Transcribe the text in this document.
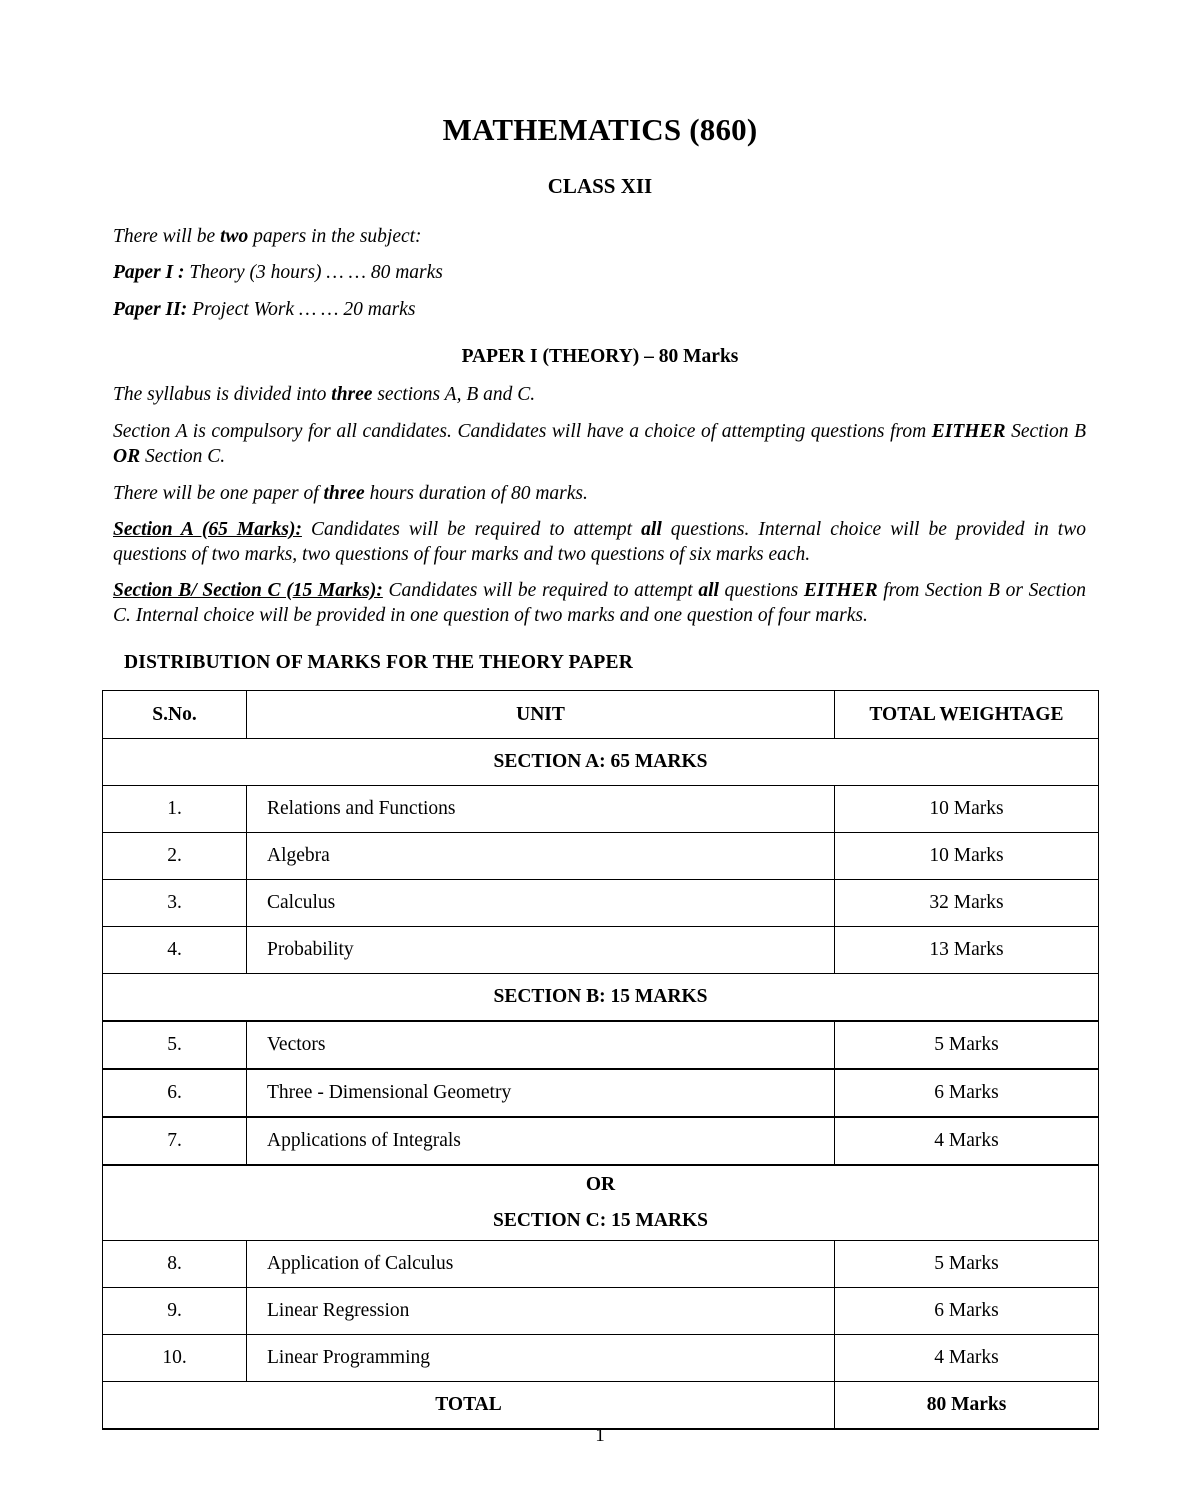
MATHEMATICS (860)
CLASS XII
There will be two papers in the subject:
Paper I : Theory (3 hours) … … 80 marks
Paper II: Project Work … … 20 marks
PAPER I (THEORY) – 80 Marks
The syllabus is divided into three sections A, B and C.
Section A is compulsory for all candidates. Candidates will have a choice of attempting questions from EITHER Section B OR Section C.
There will be one paper of three hours duration of 80 marks.
Section A (65 Marks): Candidates will be required to attempt all questions. Internal choice will be provided in two questions of two marks, two questions of four marks and two questions of six marks each.
Section B/ Section C (15 Marks): Candidates will be required to attempt all questions EITHER from Section B or Section C. Internal choice will be provided in one question of two marks and one question of four marks.
DISTRIBUTION OF MARKS FOR THE THEORY PAPER
S.No.	UNIT	TOTAL WEIGHTAGE
SECTION A: 65 MARKS		
1.	Relations and Functions	10 Marks
2.	Algebra	10 Marks
3.	Calculus	32 Marks
4.	Probability	13 Marks
SECTION B: 15 MARKS		
5.	Vectors	5 Marks
6.	Three - Dimensional Geometry	6 Marks
7.	Applications of Integrals	4 Marks

OR
SECTION C: 15 MARKS		

8.	Application of Calculus	5 Marks
9.	Linear Regression	6 Marks
10.	Linear Programming	4 Marks
TOTAL		80 Marks
1
